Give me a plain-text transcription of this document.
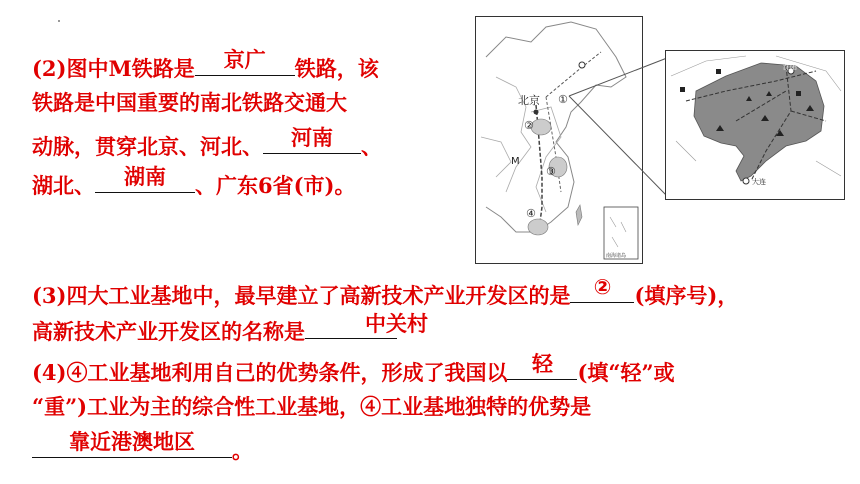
(2)图中M铁路是	京广	铁路，该
铁路是中国重要的南北铁路交通大
动脉，贯穿北京、河北、	河南	、
湖北、	湖南	、广东6省(市)。
北京
M
①
②
③
④
南海诸岛
沈阳
大连
(3)四大工业基地中，最早建立了高新技术产业开发区的是	②	(填序号)，
高新技术产业开发区的名称是	中关村
(4)④工业基地利用自己的优势条件，形成了我国以	轻	(填“轻”或
“重”)工业为主的综合性工业基地，④工业基地独特的优势是
靠近港澳地区	。
